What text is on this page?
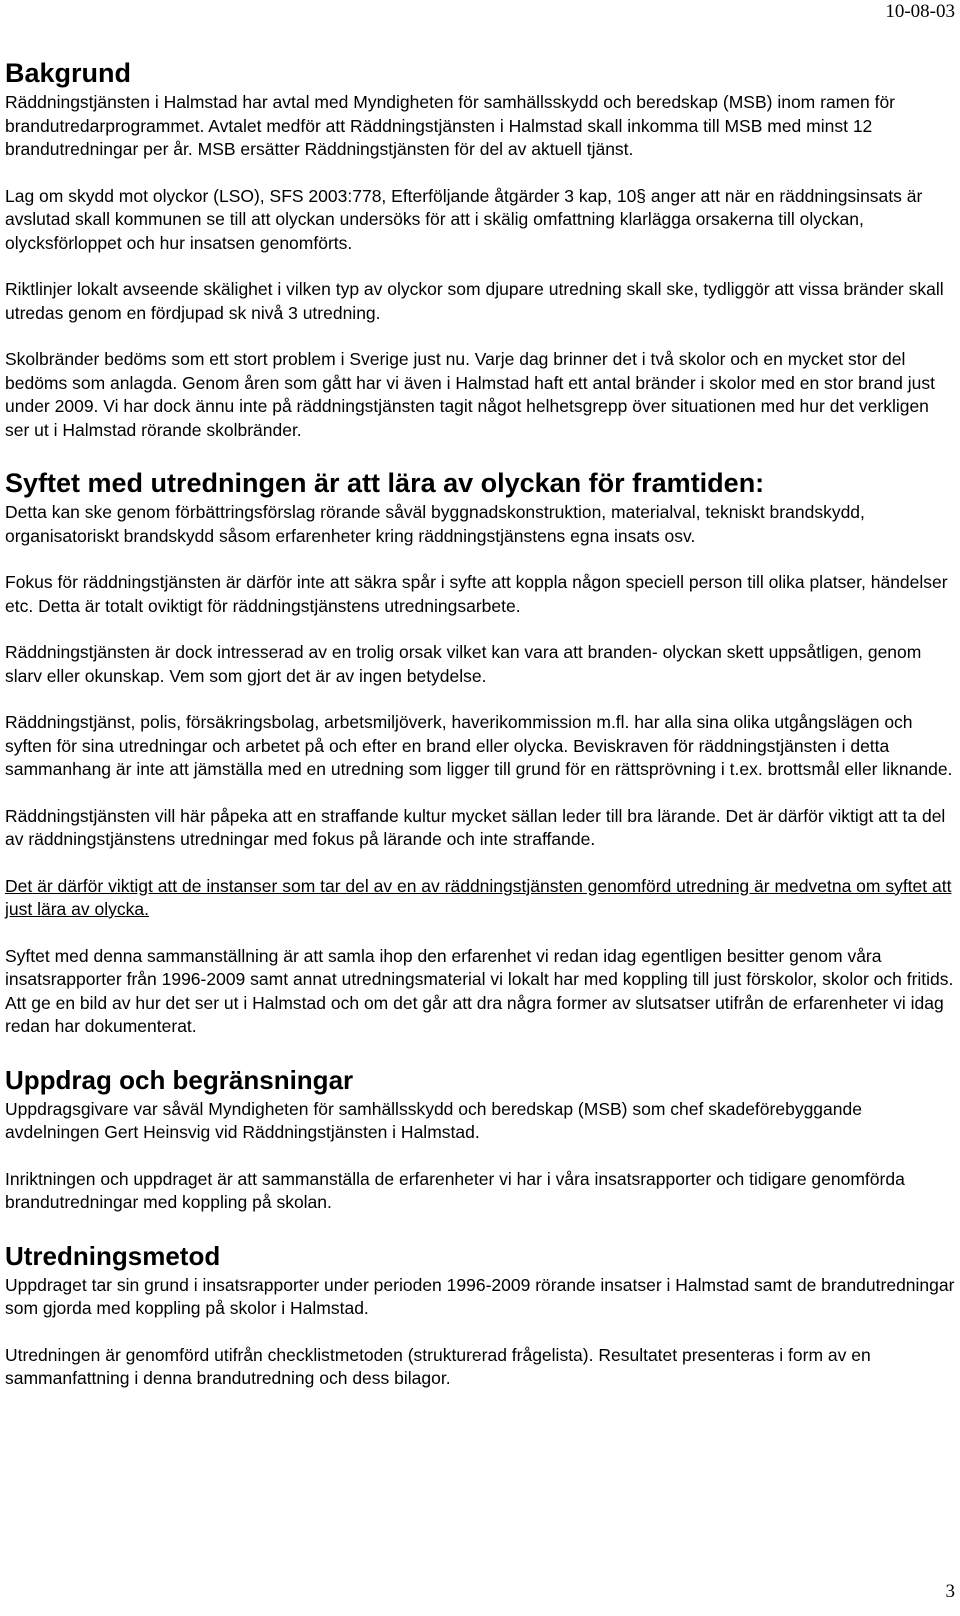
10-08-03
Bakgrund

Räddningstjänsten i Halmstad har avtal med Myndigheten för samhällsskydd och beredskap (MSB) inom ramen för brandutredarprogrammet. Avtalet medför att Räddningstjänsten i Halmstad skall inkomma till MSB med minst 12 brandutredningar per år. MSB ersätter Räddningstjänsten för del av aktuell tjänst.

Lag om skydd mot olyckor (LSO), SFS 2003:778, Efterföljande åtgärder 3 kap, 10§ anger att när en räddningsinsats är avslutad skall kommunen se till att olyckan undersöks för att i skälig omfattning klarlägga orsakerna till olyckan, olycksförloppet och hur insatsen genomförts.

Riktlinjer lokalt avseende skälighet i vilken typ av olyckor som djupare utredning skall ske, tydliggör att vissa bränder skall utredas genom en fördjupad sk nivå 3 utredning.

Skolbränder bedöms som ett stort problem i Sverige just nu. Varje dag brinner det i två skolor och en mycket stor del bedöms som anlagda. Genom åren som gått har vi även i Halmstad haft ett antal bränder i skolor med en stor brand just under 2009. Vi har dock ännu inte på räddningstjänsten tagit något helhetsgrepp över situationen med hur det verkligen ser ut i Halmstad rörande skolbränder.

Syftet med utredningen är att lära av olyckan för framtiden:

Detta kan ske genom förbättringsförslag rörande såväl byggnadskonstruktion, materialval, tekniskt brandskydd, organisatoriskt brandskydd såsom erfarenheter kring räddningstjänstens egna insats osv.

Fokus för räddningstjänsten är därför inte att säkra spår i syfte att koppla någon speciell person till olika platser, händelser etc. Detta är totalt oviktigt för räddningstjänstens utredningsarbete.

Räddningstjänsten är dock intresserad av en trolig orsak vilket kan vara att branden- olyckan skett uppsåtligen, genom slarv eller okunskap. Vem som gjort det är av ingen betydelse.

Räddningstjänst, polis, försäkringsbolag, arbetsmiljöverk, haverikommission m.fl. har alla sina olika utgångslägen och syften för sina utredningar och arbetet på och efter en brand eller olycka. Beviskraven för räddningstjänsten i detta sammanhang är inte att jämställa med en utredning som ligger till grund för en rättsprövning i t.ex. brottsmål eller liknande.

Räddningstjänsten vill här påpeka att en straffande kultur mycket sällan leder till bra lärande. Det är därför viktigt att ta del av räddningstjänstens utredningar med fokus på lärande och inte straffande.

Det är därför viktigt att de instanser som tar del av en av räddningstjänsten genomförd utredning är medvetna om syftet att just lära av olycka.

Syftet med denna sammanställning är att samla ihop den erfarenhet vi redan idag egentligen besitter genom våra insatsrapporter från 1996-2009 samt annat utredningsmaterial vi lokalt har med koppling till just förskolor, skolor och fritids. Att ge en bild av hur det ser ut i Halmstad och om det går att dra några former av slutsatser utifrån de erfarenheter vi idag redan har dokumenterat.

Uppdrag och begränsningar

Uppdragsgivare var såväl Myndigheten för samhällsskydd och beredskap (MSB) som chef skadeförebyggande avdelningen Gert Heinsvig vid Räddningstjänsten i Halmstad.

Inriktningen och uppdraget är att sammanställa de erfarenheter vi har i våra insatsrapporter och tidigare genomförda brandutredningar med koppling på skolan.

Utredningsmetod

Uppdraget tar sin grund i insatsrapporter under perioden 1996-2009 rörande insatser i Halmstad samt de brandutredningar som gjorda med koppling på skolor i Halmstad.

Utredningen är genomförd utifrån checklistmetoden (strukturerad frågelista). Resultatet presenteras i form av en sammanfattning i denna brandutredning och dess bilagor.

3
